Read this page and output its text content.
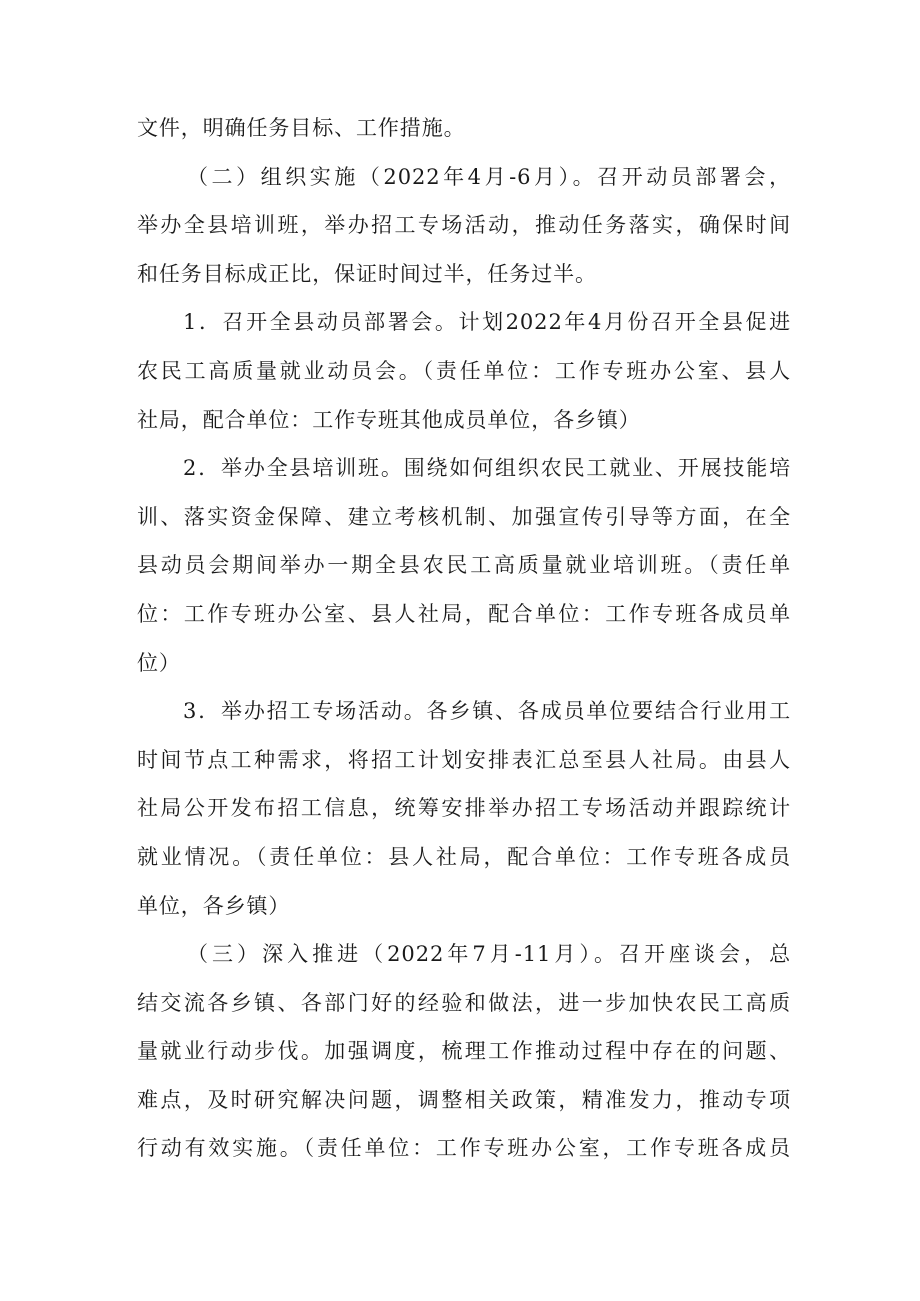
文件，明确任务目标、工作措施。
（二）组织实施（2022年4月-6月）。召开动员部署会，
举办全县培训班，举办招工专场活动，推动任务落实，确保时间
和任务目标成正比，保证时间过半，任务过半。
1．召开全县动员部署会。计划2022年4月份召开全县促进
农民工高质量就业动员会。（责任单位：工作专班办公室、县人
社局，配合单位：工作专班其他成员单位，各乡镇）
2．举办全县培训班。围绕如何组织农民工就业、开展技能培
训、落实资金保障、建立考核机制、加强宣传引导等方面，在全
县动员会期间举办一期全县农民工高质量就业培训班。（责任单
位：工作专班办公室、县人社局，配合单位：工作专班各成员单
位）
3．举办招工专场活动。各乡镇、各成员单位要结合行业用工
时间节点工种需求，将招工计划安排表汇总至县人社局。由县人
社局公开发布招工信息，统筹安排举办招工专场活动并跟踪统计
就业情况。（责任单位：县人社局，配合单位：工作专班各成员
单位，各乡镇）
（三）深入推进（2022年7月-11月）。召开座谈会，总
结交流各乡镇、各部门好的经验和做法，进一步加快农民工高质
量就业行动步伐。加强调度，梳理工作推动过程中存在的问题、
难点，及时研究解决问题，调整相关政策，精准发力，推动专项
行动有效实施。（责任单位：工作专班办公室，工作专班各成员
